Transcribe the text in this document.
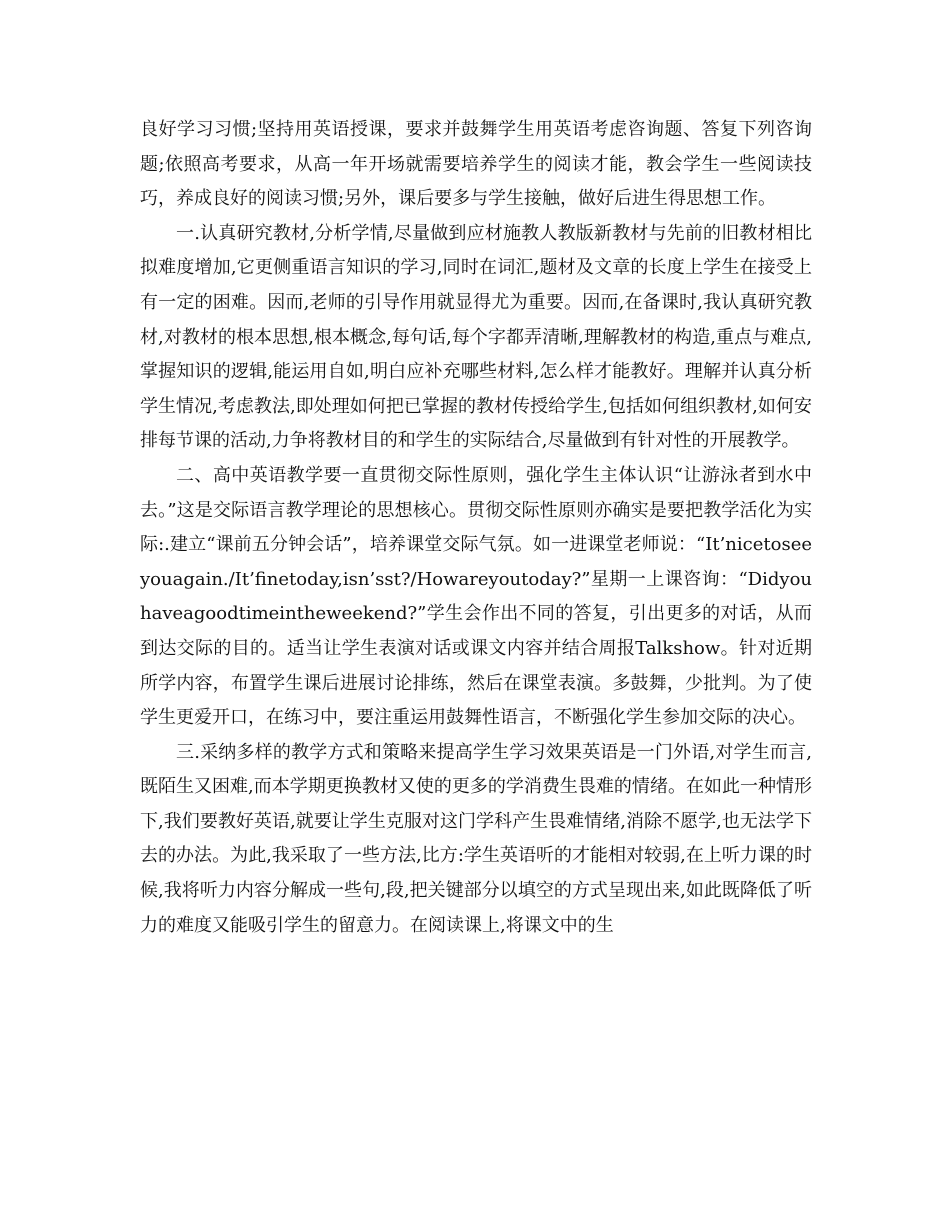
良好学习习惯;坚持用英语授课，要求并鼓舞学生用英语考虑咨询题、答复下列咨询题;依照高考要求，从高一年开场就需要培养学生的阅读才能，教会学生一些阅读技巧，养成良好的阅读习惯;另外，课后要多与学生接触，做好后进生得思想工作。

一.认真研究教材,分析学情,尽量做到应材施教人教版新教材与先前的旧教材相比拟难度增加,它更侧重语言知识的学习,同时在词汇,题材及文章的长度上学生在接受上有一定的困难。因而,老师的引导作用就显得尤为重要。因而,在备课时,我认真研究教材,对教材的根本思想,根本概念,每句话,每个字都弄清晰,理解教材的构造,重点与难点,掌握知识的逻辑,能运用自如,明白应补充哪些材料,怎么样才能教好。理解并认真分析学生情况,考虑教法,即处理如何把已掌握的教材传授给学生,包括如何组织教材,如何安排每节课的活动,力争将教材目的和学生的实际结合,尽量做到有针对性的开展教学。

二、高中英语教学要一直贯彻交际性原则，强化学生主体认识“让游泳者到水中去。”这是交际语言教学理论的思想核心。贯彻交际性原则亦确实是要把教学活化为实际:.建立“课前五分钟会话”，培养课堂交际气氛。如一进课堂老师说：“It’nicetoseeyouagain./It’finetoday,isn’sst?/Howareyoutoday?”星期一上课咨询：“Didyouhaveagoodtimeintheweekend?”学生会作出不同的答复，引出更多的对话，从而到达交际的目的。适当让学生表演对话或课文内容并结合周报Talkshow。针对近期所学内容，布置学生课后进展讨论排练，然后在课堂表演。多鼓舞，少批判。为了使学生更爱开口，在练习中，要注重运用鼓舞性语言，不断强化学生参加交际的决心。

三.采纳多样的教学方式和策略来提高学生学习效果英语是一门外语,对学生而言,既陌生又困难,而本学期更换教材又使的更多的学消费生畏难的情绪。在如此一种情形下,我们要教好英语,就要让学生克服对这门学科产生畏难情绪,消除不愿学,也无法学下去的办法。为此,我采取了一些方法,比方:学生英语听的才能相对较弱,在上听力课的时候,我将听力内容分解成一些句,段,把关键部分以填空的方式呈现出来,如此既降低了听力的难度又能吸引学生的留意力。在阅读课上,将课文中的生
